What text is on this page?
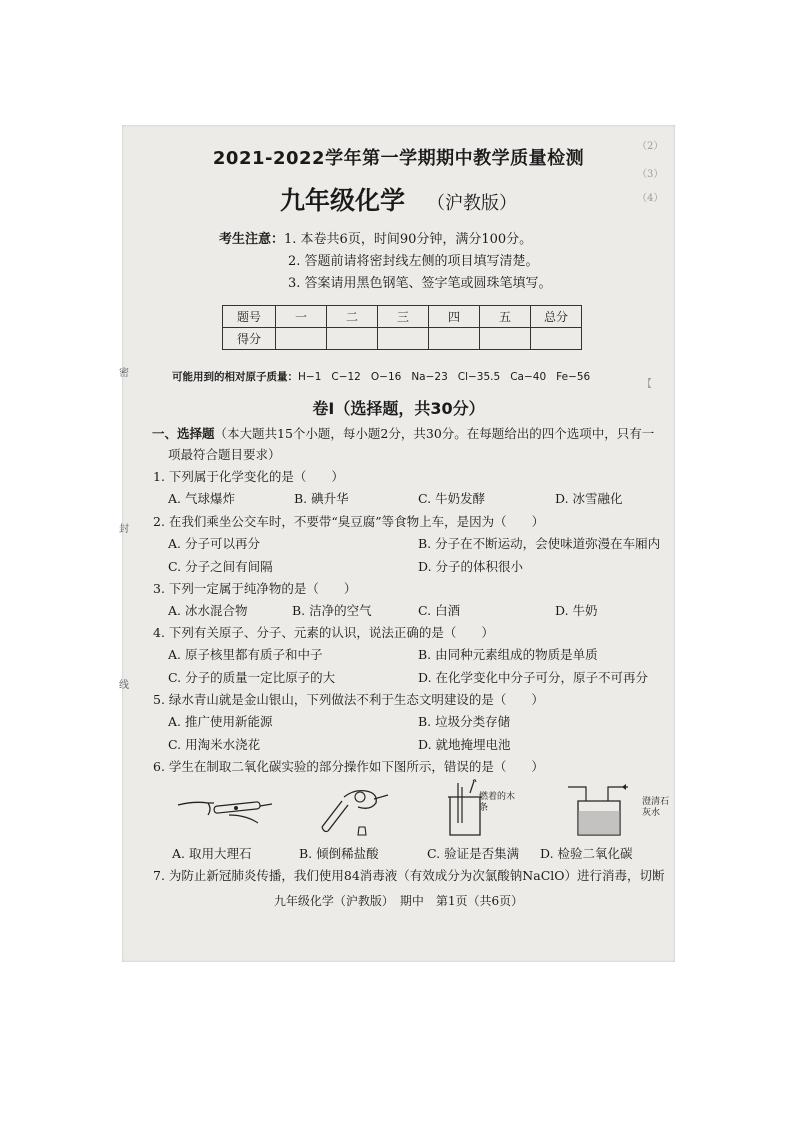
2021-2022学年第一学期期中教学质量检测
九年级化学 （沪教版）
考生注意：1. 本卷共6页，时间90分钟，满分100分。
2. 答题前请将密封线左侧的项目填写清楚。
3. 答案请用黑色钢笔、签字笔或圆珠笔填写。
题号	一	二	三	四	五	总分
得分						
可能用到的相对原子质量：H−1 C−12 O−16 Na−23 Cl−35.5 Ca−40 Fe−56
卷Ⅰ（选择题，共30分）
一、选择题（本大题共15个小题，每小题2分，共30分。在每题给出的四个选项中，只有一
项最符合题目要求）
1. 下列属于化学变化的是（　　）
A. 气球爆炸	B. 碘升华	C. 牛奶发酵	D. 冰雪融化
2. 在我们乘坐公交车时，不要带“臭豆腐”等食物上车，是因为（　　）
A. 分子可以再分	B. 分子在不断运动，会使味道弥漫在车厢内
C. 分子之间有间隔	D. 分子的体积很小
3. 下列一定属于纯净物的是（　　）
A. 冰水混合物	B. 洁净的空气	C. 白酒	D. 牛奶
4. 下列有关原子、分子、元素的认识，说法正确的是（　　）
A. 原子核里都有质子和中子	B. 由同种元素组成的物质是单质
C. 分子的质量一定比原子的大	D. 在化学变化中分子可分，原子不可再分
5. 绿水青山就是金山银山，下列做法不利于生态文明建设的是（　　）
A. 推广使用新能源	B. 垃圾分类存储
C. 用淘米水浇花	D. 就地掩埋电池
6. 学生在制取二氧化碳实验的部分操作如下图所示，错误的是（　　）
燃着的木条
澄清石灰水
A. 取用大理石	B. 倾倒稀盐酸	C. 验证是否集满 D. 检验二氧化碳
7. 为防止新冠肺炎传播，我们使用84消毒液（有效成分为次氯酸钠NaClO）进行消毒，切断
九年级化学（沪教版）　期中　第1页（共6页）
（2）
（3）
（4）
【
密
封
线
